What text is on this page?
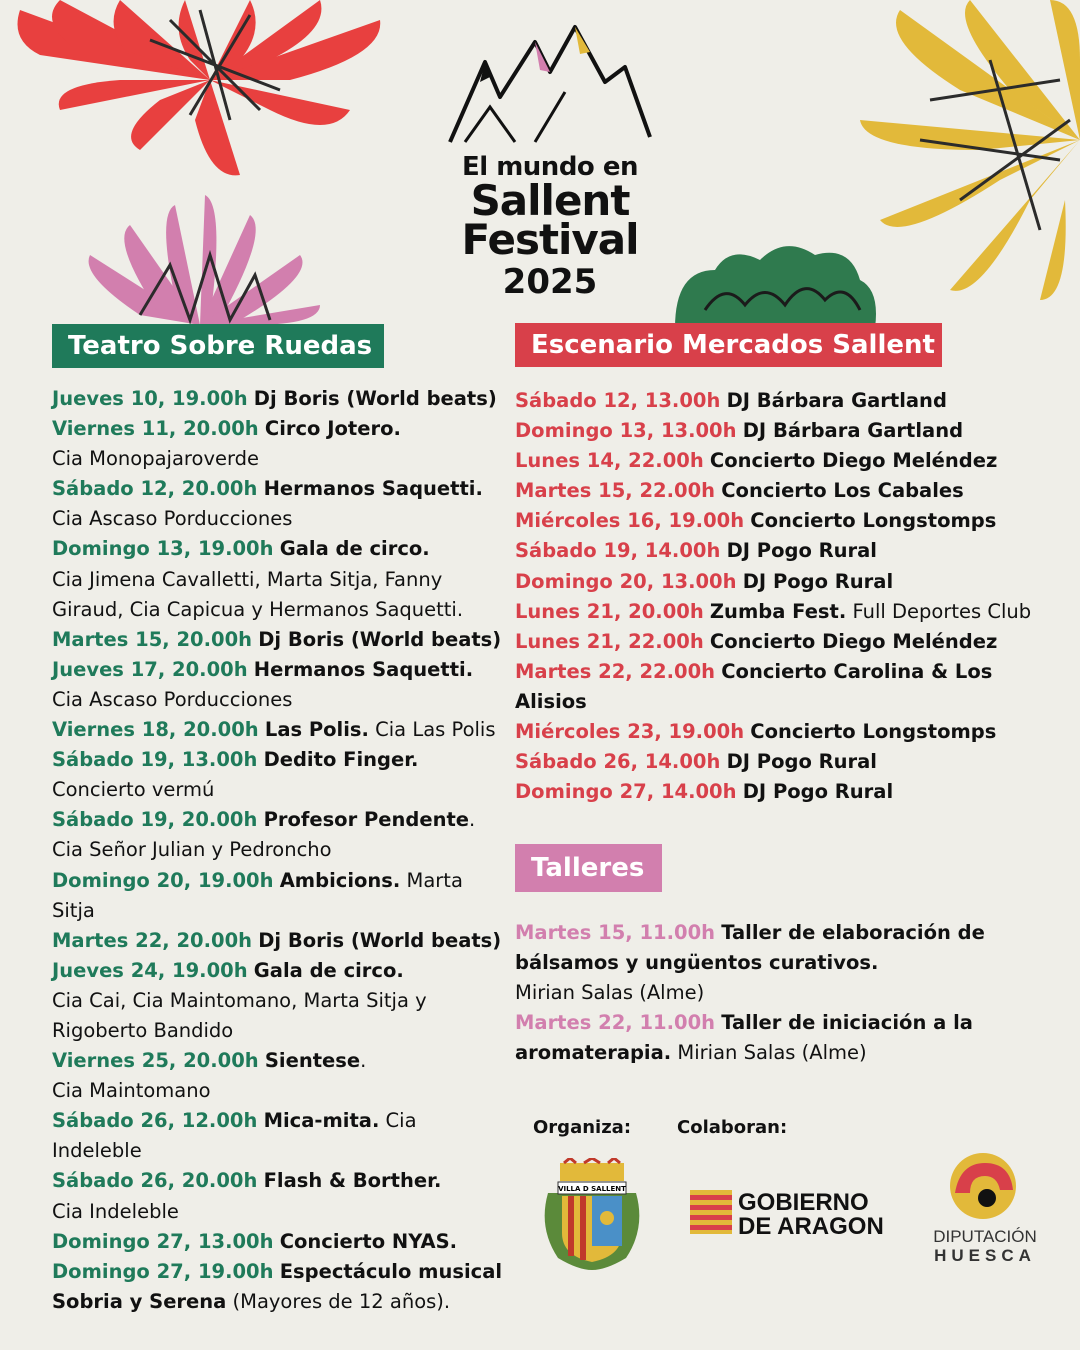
El mundo en
Sallent
Festival
2025
Teatro Sobre Ruedas	Escenario Mercados Sallent
Talleres
Jueves 10, 19.00h Dj Boris (World beats)
Viernes 11, 20.00h Circo Jotero.
Cia Monopajaroverde
Sábado 12, 20.00h Hermanos Saquetti.
Cia Ascaso Porducciones
Domingo 13, 19.00h Gala de circo.
Cia Jimena Cavalletti, Marta Sitja, Fanny
Giraud, Cia Capicua y Hermanos Saquetti.
Martes 15, 20.00h Dj Boris (World beats)
Jueves 17, 20.00h Hermanos Saquetti.
Cia Ascaso Porducciones
Viernes 18, 20.00h Las Polis. Cia Las Polis
Sábado 19, 13.00h Dedito Finger.
Concierto vermú
Sábado 19, 20.00h Profesor Pendente.
Cia Señor Julian y Pedroncho
Domingo 20, 19.00h Ambicions. Marta
Sitja
Martes 22, 20.00h Dj Boris (World beats)
Jueves 24, 19.00h Gala de circo.
Cia Cai, Cia Maintomano, Marta Sitja y
Rigoberto Bandido
Viernes 25, 20.00h Sientese.
Cia Maintomano
Sábado 26, 12.00h Mica-mita. Cia
Indeleble
Sábado 26, 20.00h Flash & Borther.
Cia Indeleble
Domingo 27, 13.00h Concierto NYAS.
Domingo 27, 19.00h Espectáculo musical
Sobria y Serena (Mayores de 12 años).
Sábado 12, 13.00h DJ Bárbara Gartland
Domingo 13, 13.00h DJ Bárbara Gartland
Lunes 14, 22.00h Concierto Diego Meléndez
Martes 15, 22.00h Concierto Los Cabales
Miércoles 16, 19.00h Concierto Longstomps
Sábado 19, 14.00h DJ Pogo Rural
Domingo 20, 13.00h DJ Pogo Rural
Lunes 21, 20.00h Zumba Fest. Full Deportes Club
Lunes 21, 22.00h Concierto Diego Meléndez
Martes 22, 22.00h Concierto Carolina & Los
Alisios
Miércoles 23, 19.00h Concierto Longstomps
Sábado 26, 14.00h DJ Pogo Rural
Domingo 27, 14.00h DJ Pogo Rural
Martes 15, 11.00h Taller de elaboración de
bálsamos y ungüentos curativos.
Mirian Salas (Alme)
Martes 22, 11.00h Taller de iniciación a la
aromaterapia. Mirian Salas (Alme)
Organiza:	Colaboran:
VILLA D SALLENT	GOBIERNO
DE ARAGON	DIPUTACIÓN
HUESCA
